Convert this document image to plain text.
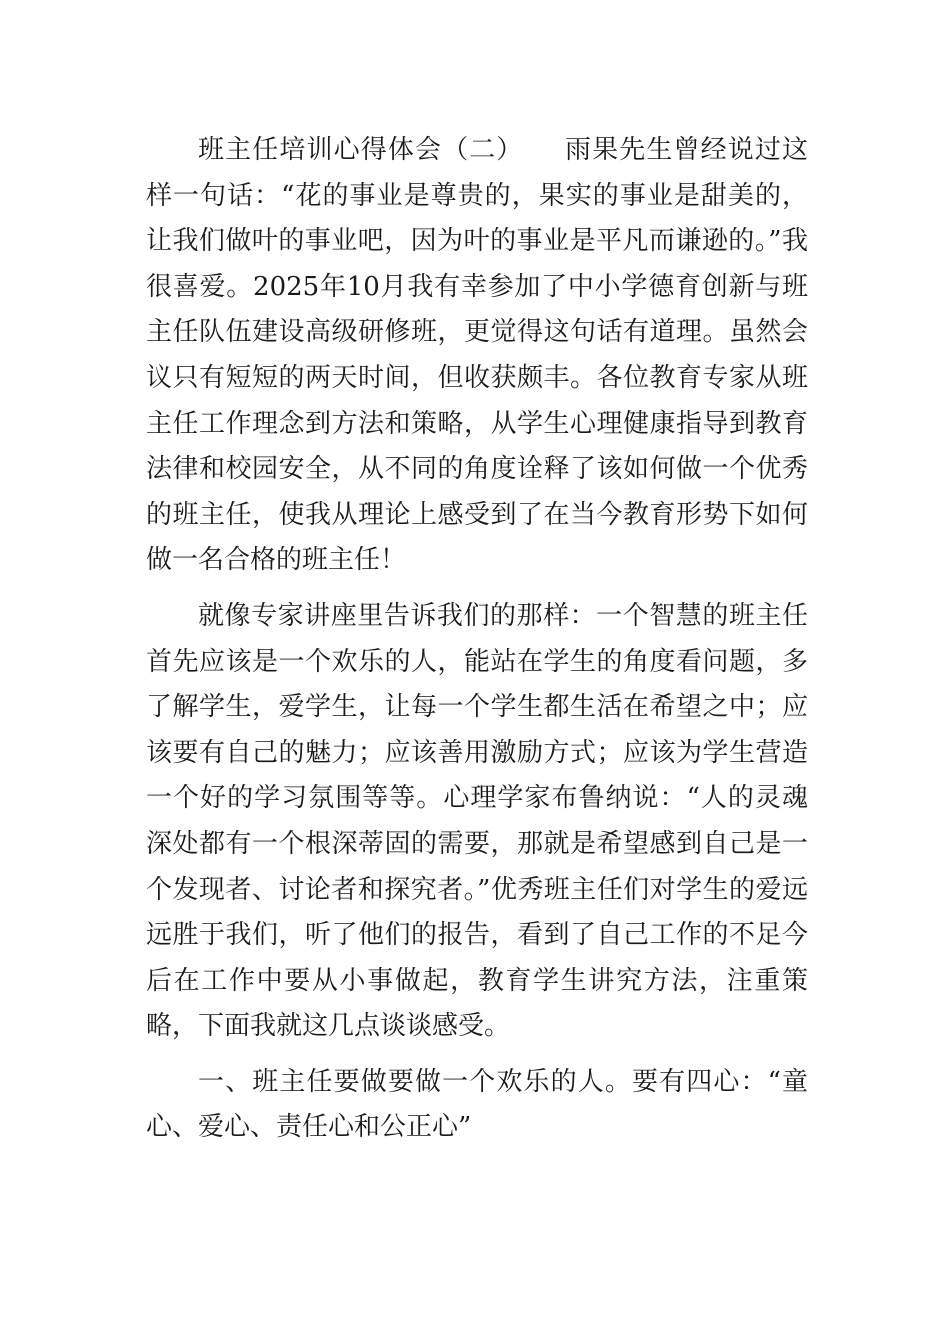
班主任培训心得体会（二） 雨果先生曾经说过这样一句话：“花的事业是尊贵的，果实的事业是甜美的，让我们做叶的事业吧，因为叶的事业是平凡而谦逊的。”我很喜爱。2025年10月我有幸参加了中小学德育创新与班主任队伍建设高级研修班，更觉得这句话有道理。虽然会议只有短短的两天时间，但收获颇丰。各位教育专家从班主任工作理念到方法和策略，从学生心理健康指导到教育法律和校园安全，从不同的角度诠释了该如何做一个优秀的班主任，使我从理论上感受到了在当今教育形势下如何做一名合格的班主任！

就像专家讲座里告诉我们的那样：一个智慧的班主任首先应该是一个欢乐的人，能站在学生的角度看问题，多了解学生，爱学生，让每一个学生都生活在希望之中；应该要有自己的魅力；应该善用激励方式；应该为学生营造一个好的学习氛围等等。心理学家布鲁纳说：“人的灵魂深处都有一个根深蒂固的需要，那就是希望感到自己是一个发现者、讨论者和探究者。”优秀班主任们对学生的爱远远胜于我们，听了他们的报告，看到了自己工作的不足今后在工作中要从小事做起，教育学生讲究方法，注重策略，下面我就这几点谈谈感受。

一、班主任要做要做一个欢乐的人。要有四心：“童心、爱心、责任心和公正心”
